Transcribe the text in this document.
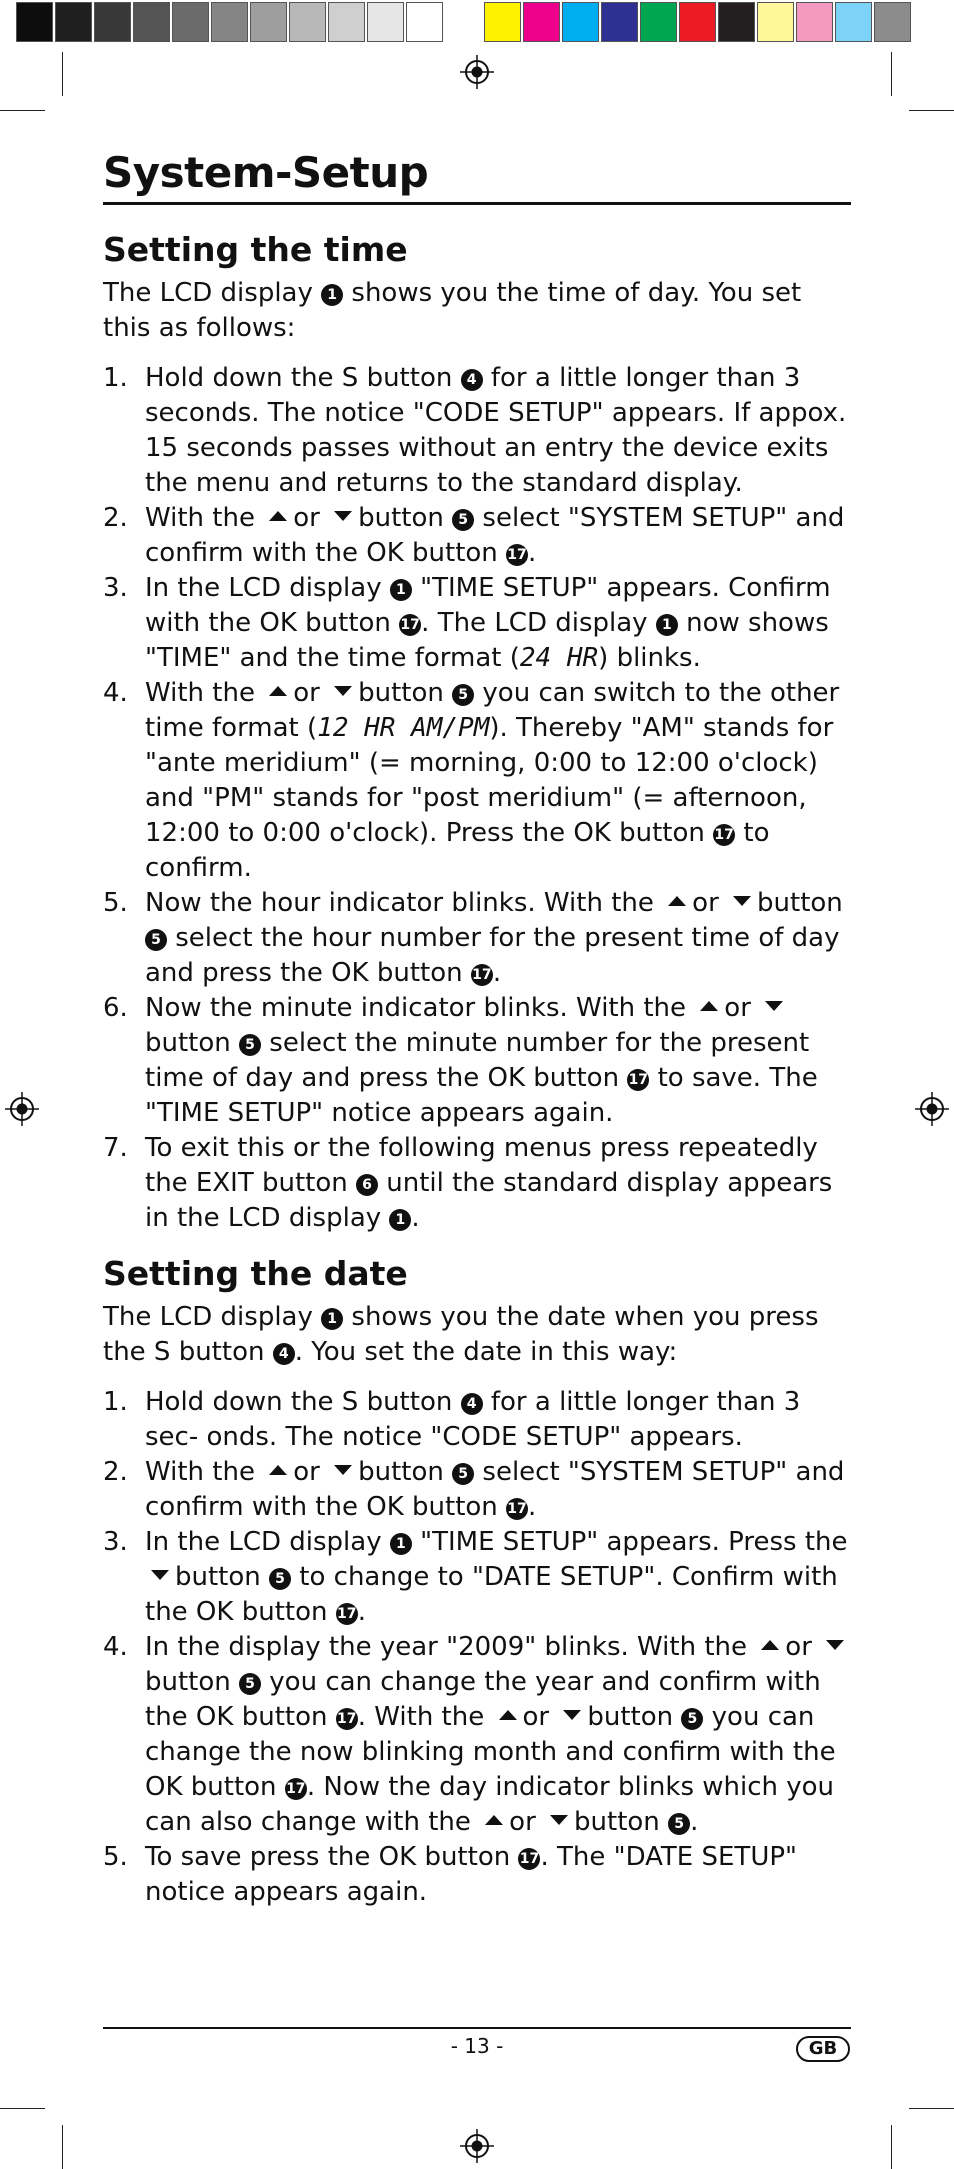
System-Setup
Setting the time

The LCD display 1 shows you the time of day. You set this as follows:

1. Hold down the S button 4 for a little longer than 3 seconds. The notice "CODE SETUP" appears. If appox. 15 seconds passes without an entry the device exits the menu and returns to the standard display.
2. With the or button 5 select "SYSTEM SETUP" and confirm with the OK button 17.
3. In the LCD display 1 "TIME SETUP" appears. Confirm with the OK button 17. The LCD display 1 now shows "TIME" and the time format (24 HR) blinks.
4. With the or button 5 you can switch to the other time format (12 HR AM/PM). Thereby "AM" stands for "ante meridium" (= morning, 0:00 to 12:00 o'clock) and "PM" stands for "post meridium" (= afternoon, 12:00 to 0:00 o'clock). Press the OK button 17 to confirm.
5. Now the hour indicator blinks. With the or button 5 select the hour number for the present time of day and press the OK button 17.
6. Now the minute indicator blinks. With the or button 5 select the minute number for the present time of day and press the OK button 17 to save. The "TIME SETUP" notice appears again.
7. To exit this or the following menus press repeatedly the EXIT button 6 until the standard display appears in the LCD display 1 .
Setting the date

The LCD display 1 shows you the date when you press the S button 4 . You set the date in this way:

1. Hold down the S button 4 for a little longer than 3 sec- onds. The notice "CODE SETUP" appears.
2. With the or button 5 select "SYSTEM SETUP" and confirm with the OK button 17.
3. In the LCD display 1 "TIME SETUP" appears. Press the button 5 to change to "DATE SETUP". Confirm with the OK button 17.
4. In the display the year "2009" blinks. With the or button 5 you can change the year and confirm with the OK button 17. With the or button 5 you can change the now blinking month and confirm with the OK button 17. Now the day indicator blinks which you can also change with the or button 5 .
5. To save press the OK button 17. The "DATE SETUP" notice appears again.
- 13 -	GB
